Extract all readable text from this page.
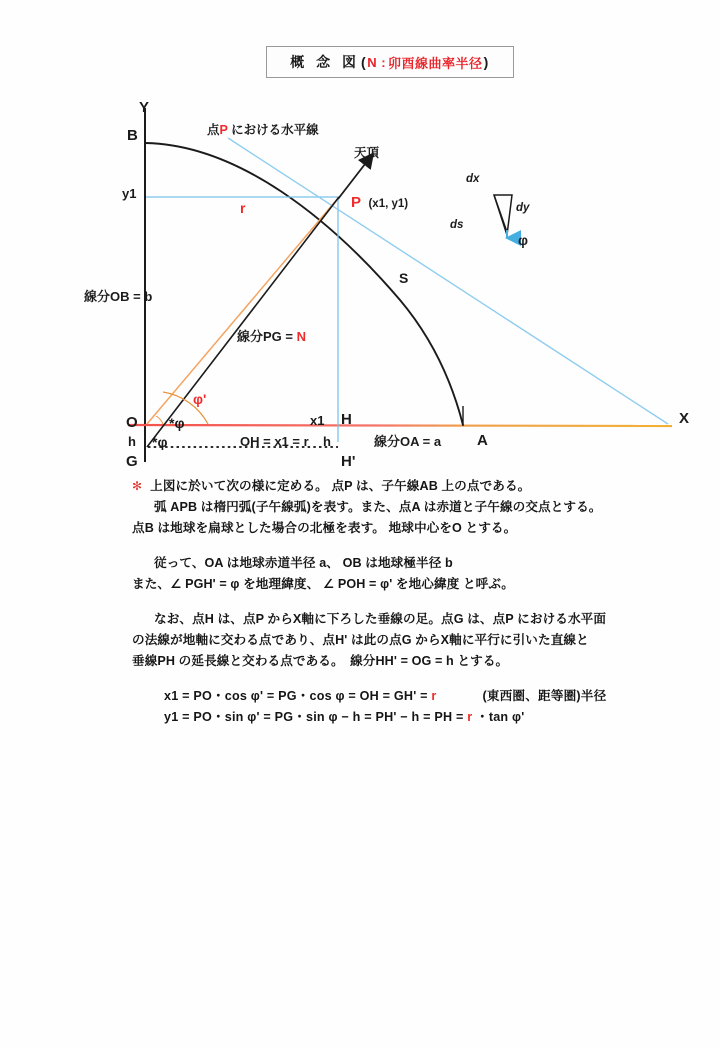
概 念 図 ( N : 卯酉線曲率半径 )
Y
B
y1
点P における水平線
天頂
r	P (x1, y1)
dx
dy
ds
φ
線分OB = b
線分PG = N
S
φ'
O *φ
h *φ
G
OH = x1 = r
x1 H
h
H'
線分OA = a A
X

✻ 上図に於いて次の様に定める。 点P は、子午線AB 上の点である。

弧 APB は楕円弧(子午線弧)を表す。また、点A は赤道と子午線の交点とする。

点B は地球を扁球とした場合の北極を表す。 地球中心をO とする。

従って、OA は地球赤道半径 a、 OB は地球極半径 b

また、∠ PGH' = φ を地理緯度、 ∠ POH = φ' を地心緯度 と呼ぶ。

なお、点H は、点P からX軸に下ろした垂線の足。点G は、点P における水平面

の法線が地軸に交わる点であり、点H' は此の点G からX軸に平行に引いた直線と

垂線PH の延長線と交わる点である。　線分HH' = OG = h とする。

x1 = PO・cos φ' = PG・cos φ = OH = GH' = r	(東西圏、距等圏)半径

y1 = PO・sin φ' = PG・sin φ − h = PH' − h = PH = r ・tan φ'
